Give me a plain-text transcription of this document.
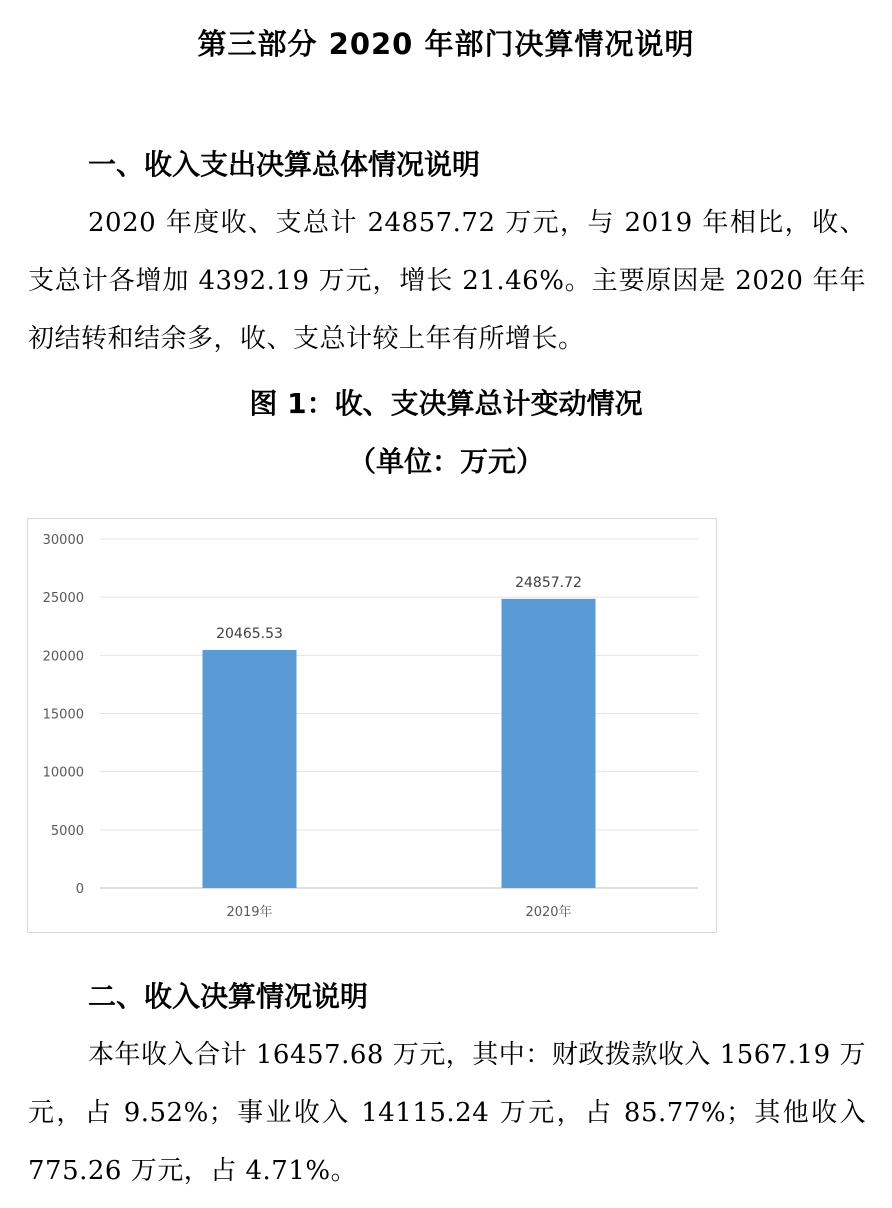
第三部分 2020 年部门决算情况说明
一、收入支出决算总体情况说明
2020 年度收、支总计 24857.72 万元，与 2019 年相比，收、支总计各增加 4392.19 万元，增长 21.46%。主要原因是 2020 年年初结转和结余多，收、支总计较上年有所增长。
图 1：收、支决算总计变动情况
（单位：万元）
0
5000
10000
15000
20000
25000
30000
20465.53
2019年
24857.72
2020年
二、收入决算情况说明
本年收入合计 16457.68 万元，其中：财政拨款收入 1567.19 万元，占 9.52%；事业收入 14115.24 万元，占 85.77%；其他收入 775.26 万元，占 4.71%。
